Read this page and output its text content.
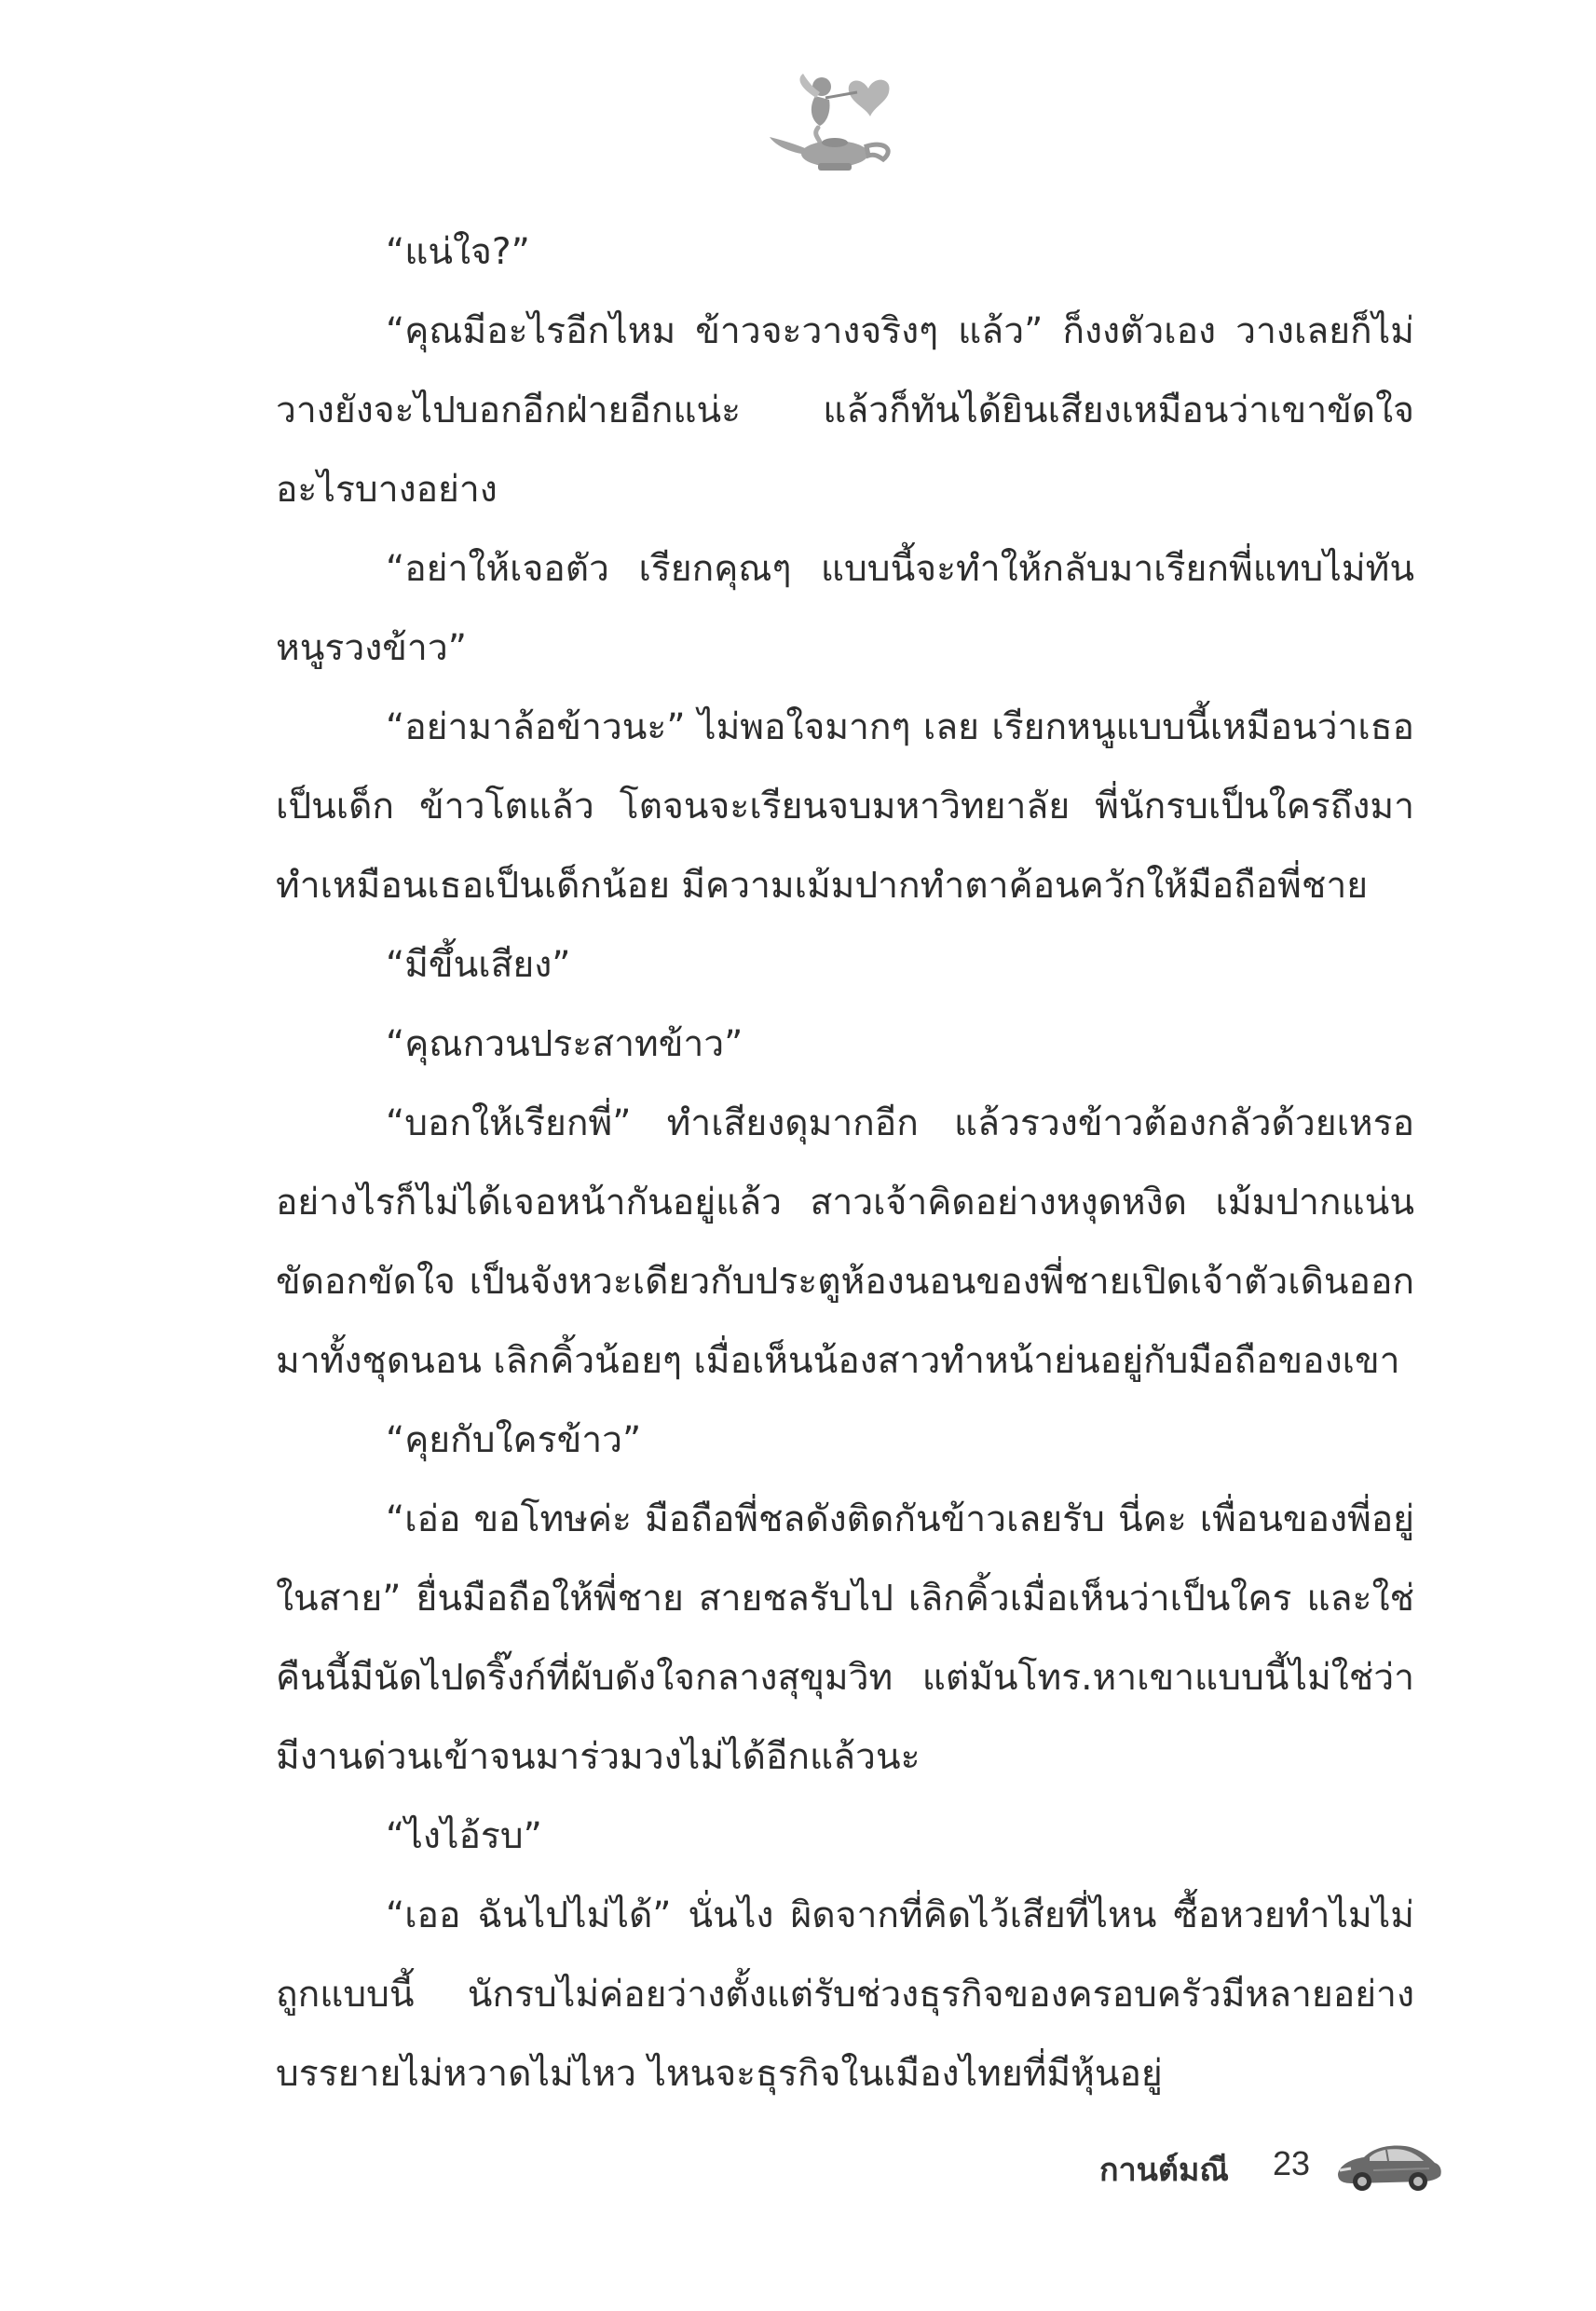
“แน่ใจ?”

“คุณมีอะไรอีกไหม ข้าวจะวางจริงๆ แล้ว” ก็งงตัวเอง วางเลยก็ไม่วางยังจะไปบอกอีกฝ่ายอีกแน่ะ แล้วก็ทันได้ยินเสียงเหมือนว่าเขาขัดใจอะไรบางอย่าง

“อย่าให้เจอตัว เรียกคุณๆ แบบนี้จะทำให้กลับมาเรียกพี่แทบไม่ทัน หนูรวงข้าว”

“อย่ามาล้อข้าวนะ” ไม่พอใจมากๆ เลย เรียกหนูแบบนี้เหมือนว่าเธอเป็นเด็ก ข้าวโตแล้ว โตจนจะเรียนจบมหาวิทยาลัย พี่นักรบเป็นใครถึงมาทำเหมือนเธอเป็นเด็กน้อย มีความเม้มปากทำตาค้อนควักให้มือถือพี่ชาย

“มีขึ้นเสียง”

“คุณกวนประสาทข้าว”

“บอกให้เรียกพี่” ทำเสียงดุมากอีก แล้วรวงข้าวต้องกลัวด้วยเหรออย่างไรก็ไม่ได้เจอหน้ากันอยู่แล้ว สาวเจ้าคิดอย่างหงุดหงิด เม้มปากแน่นขัดอกขัดใจ เป็นจังหวะเดียวกับประตูห้องนอนของพี่ชายเปิดเจ้าตัวเดินออกมาทั้งชุดนอน เลิกคิ้วน้อยๆ เมื่อเห็นน้องสาวทำหน้าย่นอยู่กับมือถือของเขา

“คุยกับใครข้าว”

“เอ่อ ขอโทษค่ะ มือถือพี่ชลดังติดกันข้าวเลยรับ นี่คะ เพื่อนของพี่อยู่ในสาย” ยื่นมือถือให้พี่ชาย สายชลรับไป เลิกคิ้วเมื่อเห็นว่าเป็นใคร และใช่ คืนนี้มีนัดไปดริ๊งก์ที่ผับดังใจกลางสุขุมวิท แต่มันโทร.หาเขาแบบนี้ไม่ใช่ว่ามีงานด่วนเข้าจนมาร่วมวงไม่ได้อีกแล้วนะ

“ไงไอ้รบ”

“เออ ฉันไปไม่ได้” นั่นไง ผิดจากที่คิดไว้เสียที่ไหน ซื้อหวยทำไมไม่ถูกแบบนี้ นักรบไม่ค่อยว่างตั้งแต่รับช่วงธุรกิจของครอบครัวมีหลายอย่างบรรยายไม่หวาดไม่ไหว ไหนจะธุรกิจในเมืองไทยที่มีหุ้นอยู่

กานต์มณี 23
